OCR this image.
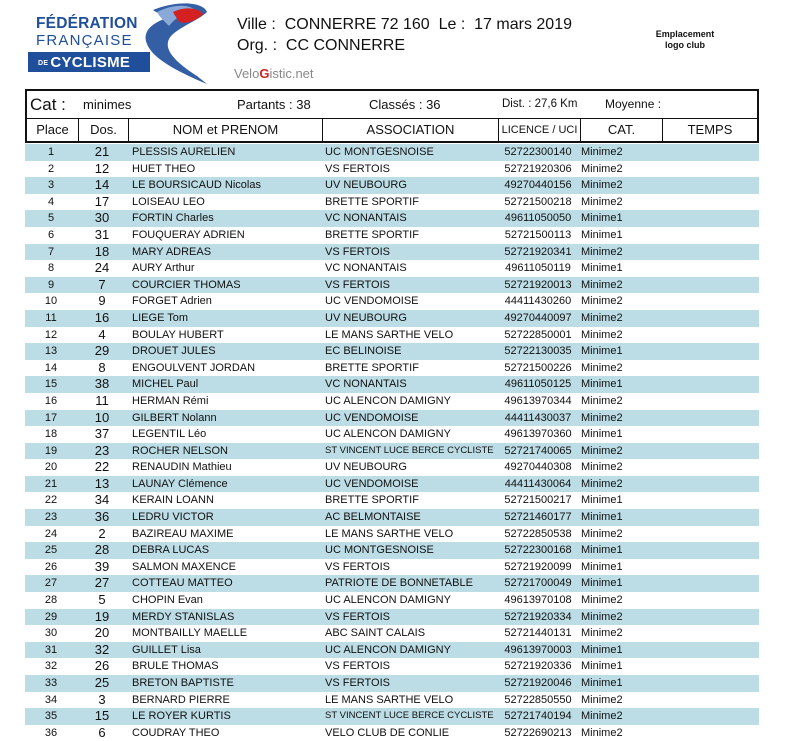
FÉDÉRATION
FRANÇAISE
DE CYCLISME
Ville : CONNERRE 72 160 Le : 17 mars 2019
Org. : CC CONNERRE
VeloGistic.net
Emplacement
logo club
Cat : minimes	Partants : 38	Classés : 36	Dist. : 27,6 Km Moyenne :
Place	Dos.	NOM et PRENOM	ASSOCIATION	LICENCE / UCI	CAT.	TEMPS
1	21	PLESSIS AURELIEN	UC MONTGESNOISE	52722300140 Minime2
2	12	HUET THEO	VS FERTOIS	52721920306 Minime2
3	14	LE BOURSICAUD Nicolas	UV NEUBOURG	49270440156 Minime2
4	17	LOISEAU LEO	BRETTE SPORTIF	52721500218 Minime2
5	30	FORTIN Charles	VC NONANTAIS	49611050050 Minime1
6	31	FOUQUERAY ADRIEN	BRETTE SPORTIF	52721500113 Minime1
7	18	MARY ADREAS	VS FERTOIS	52721920341 Minime2
8	24	AURY Arthur	VC NONANTAIS	49611050119 Minime1
9	7	COURCIER THOMAS	VS FERTOIS	52721920013 Minime2
10	9	FORGET Adrien	UC VENDOMOISE	44411430260 Minime2
11	16	LIEGE Tom	UV NEUBOURG	49270440097 Minime2
12	4	BOULAY HUBERT	LE MANS SARTHE VELO	52722850001 Minime2
13	29	DROUET JULES	EC BELINOISE	52722130035 Minime1
14	8	ENGOULVENT JORDAN	BRETTE SPORTIF	52721500226 Minime2
15	38	MICHEL Paul	VC NONANTAIS	49611050125 Minime1
16	11	HERMAN Rémi	UC ALENCON DAMIGNY	49613970344 Minime2
17	10	GILBERT Nolann	UC VENDOMOISE	44411430037 Minime2
18	37	LEGENTIL Léo	UC ALENCON DAMIGNY	49613970360 Minime1
19	23	ROCHER NELSON	ST VINCENT LUCE BERCE CYCLISTE 52721740065 Minime2
20	22	RENAUDIN Mathieu	UV NEUBOURG	49270440308 Minime2
21	13	LAUNAY Clémence	UC VENDOMOISE	44411430064 Minime2
22	34	KERAIN LOANN	BRETTE SPORTIF	52721500217 Minime1
23	36	LEDRU VICTOR	AC BELMONTAISE	52721460177 Minime1
24	2	BAZIREAU MAXIME	LE MANS SARTHE VELO	52722850538 Minime2
25	28	DEBRA LUCAS	UC MONTGESNOISE	52722300168 Minime1
26	39	SALMON MAXENCE	VS FERTOIS	52721920099 Minime1
27	27	COTTEAU MATTEO	PATRIOTE DE BONNETABLE	52721700049 Minime1
28	5	CHOPIN Evan	UC ALENCON DAMIGNY	49613970108 Minime2
29	19	MERDY STANISLAS	VS FERTOIS	52721920334 Minime2
30	20	MONTBAILLY MAELLE	ABC SAINT CALAIS	52721440131 Minime2
31	32	GUILLET Lisa	UC ALENCON DAMIGNY	49613970003 Minime1
32	26	BRULE THOMAS	VS FERTOIS	52721920336 Minime1
33	25	BRETON BAPTISTE	VS FERTOIS	52721920046 Minime1
34	3	BERNARD PIERRE	LE MANS SARTHE VELO	52722850550 Minime2
35	15	LE ROYER KURTIS	ST VINCENT LUCE BERCE CYCLISTE 52721740194 Minime2
36	6	COUDRAY THEO	VELO CLUB DE CONLIE	52722690213 Minime2
